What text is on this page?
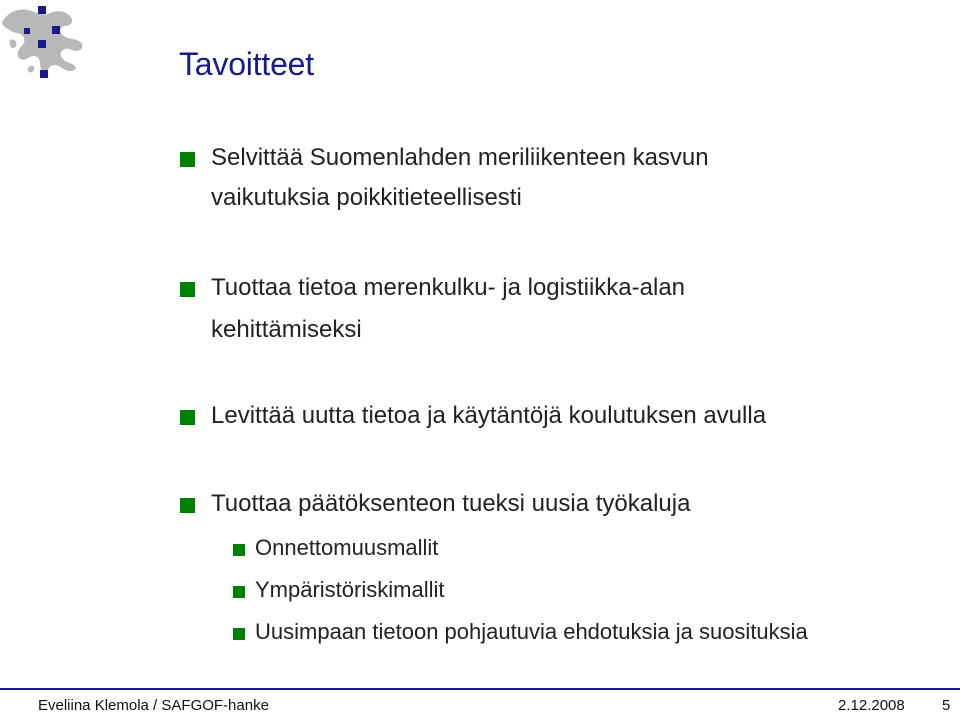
Tavoitteet
Selvittää Suomenlahden meriliikenteen kasvun
vaikutuksia poikkitieteellisesti
Tuottaa tietoa merenkulku- ja logistiikka-alan
kehittämiseksi
Levittää uutta tietoa ja käytäntöjä koulutuksen avulla
Tuottaa päätöksenteon tueksi uusia työkaluja
Onnettomuusmallit
Ympäristöriskimallit
Uusimpaan tietoon pohjautuvia ehdotuksia ja suosituksia
Eveliina Klemola / SAFGOF-hanke	2.12.2008 5
